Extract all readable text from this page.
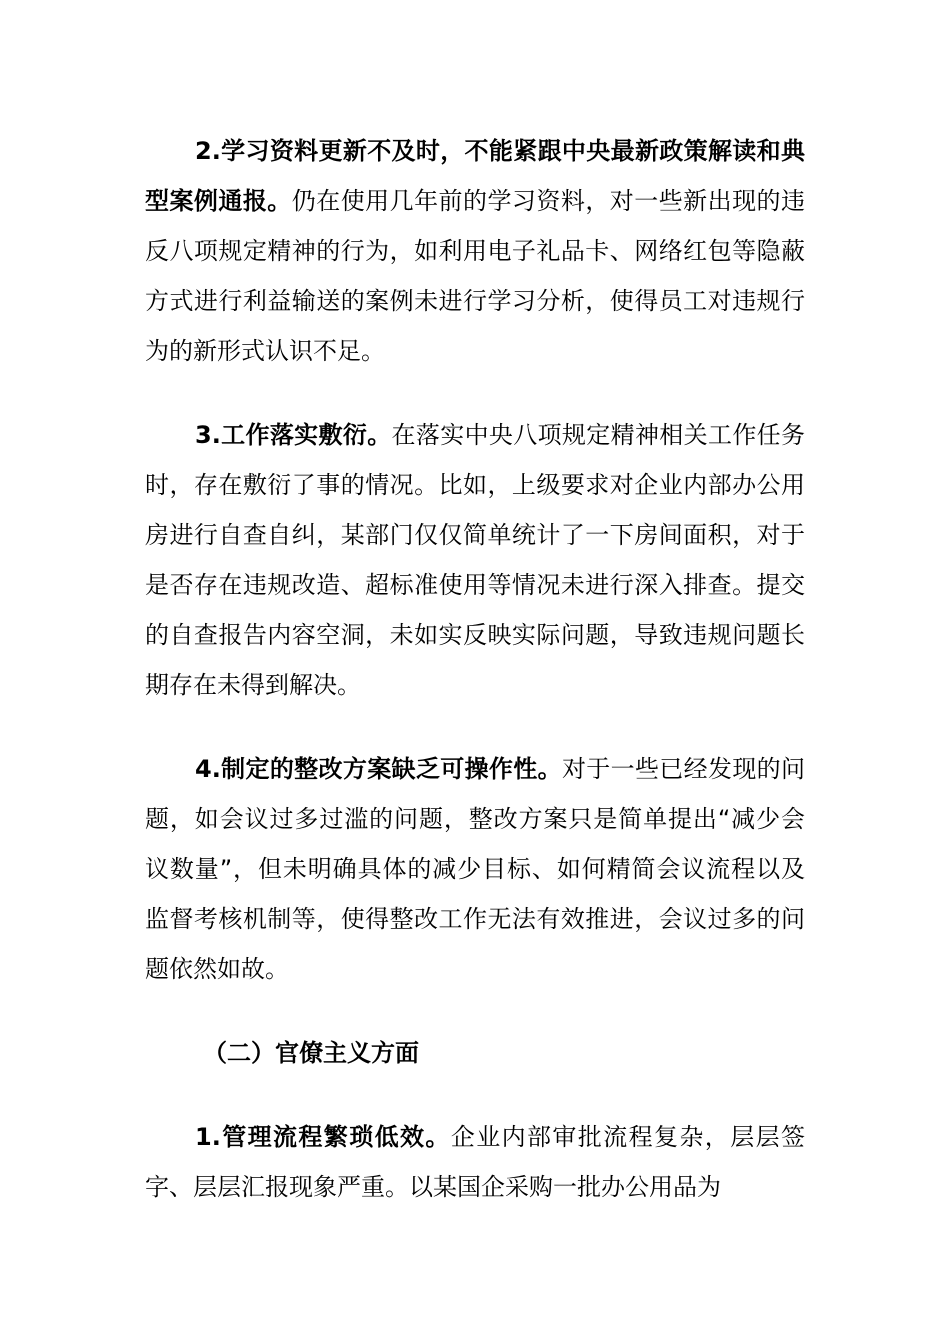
2.学习资料更新不及时，不能紧跟中央最新政策解读和典型案例通报。仍在使用几年前的学习资料，对一些新出现的违反八项规定精神的行为，如利用电子礼品卡、网络红包等隐蔽方式进行利益输送的案例未进行学习分析，使得员工对违规行为的新形式认识不足。

3.工作落实敷衍。在落实中央八项规定精神相关工作任务时，存在敷衍了事的情况。比如，上级要求对企业内部办公用房进行自查自纠，某部门仅仅简单统计了一下房间面积，对于是否存在违规改造、超标准使用等情况未进行深入排查。提交的自查报告内容空洞，未如实反映实际问题，导致违规问题长期存在未得到解决。

4.制定的整改方案缺乏可操作性。对于一些已经发现的问题，如会议过多过滥的问题，整改方案只是简单提出“减少会议数量”，但未明确具体的减少目标、如何精简会议流程以及监督考核机制等，使得整改工作无法有效推进，会议过多的问题依然如故。

（二）官僚主义方面

1.管理流程繁琐低效。企业内部审批流程复杂，层层签字、层层汇报现象严重。以某国企采购一批办公用品为
